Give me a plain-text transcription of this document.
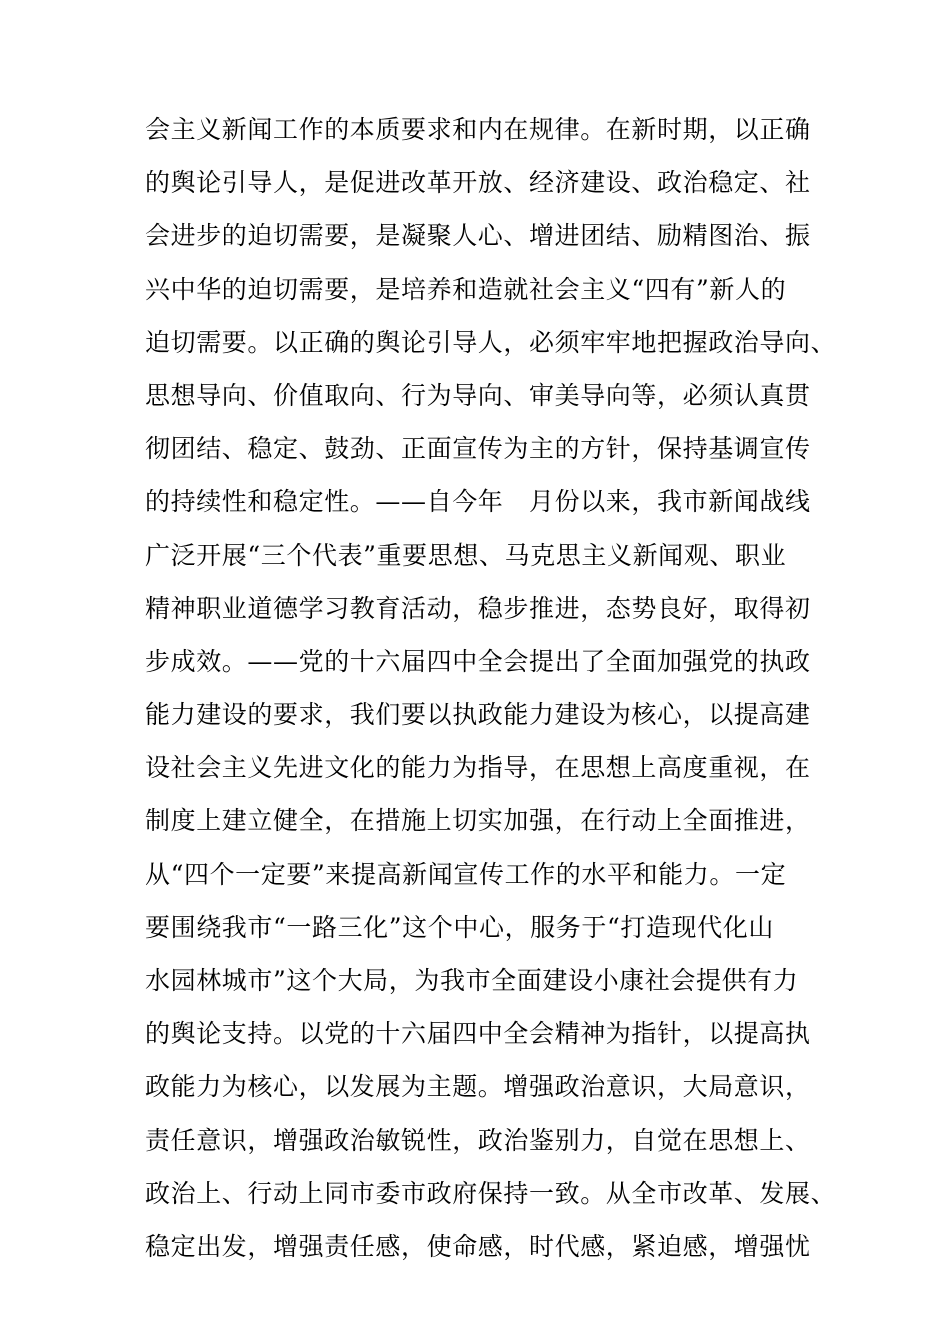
会主义新闻工作的本质要求和内在规律。在新时期，以正确
的舆论引导人，是促进改革开放、经济建设、政治稳定、社
会进步的迫切需要，是凝聚人心、增进团结、励精图治、振
兴中华的迫切需要，是培养和造就社会主义“四有”新人的
迫切需要。以正确的舆论引导人，必须牢牢地把握政治导向、
思想导向、价值取向、行为导向、审美导向等，必须认真贯
彻团结、稳定、鼓劲、正面宣传为主的方针，保持基调宣传
的持续性和稳定性。——自今年　月份以来，我市新闻战线
广泛开展“三个代表”重要思想、马克思主义新闻观、职业
精神职业道德学习教育活动，稳步推进，态势良好，取得初
步成效。——党的十六届四中全会提出了全面加强党的执政
能力建设的要求，我们要以执政能力建设为核心，以提高建
设社会主义先进文化的能力为指导，在思想上高度重视，在
制度上建立健全，在措施上切实加强，在行动上全面推进，
从“四个一定要”来提高新闻宣传工作的水平和能力。一定
要围绕我市“一路三化”这个中心，服务于“打造现代化山
水园林城市”这个大局，为我市全面建设小康社会提供有力
的舆论支持。以党的十六届四中全会精神为指针，以提高执
政能力为核心，以发展为主题。增强政治意识，大局意识，
责任意识，增强政治敏锐性，政治鉴别力，自觉在思想上、
政治上、行动上同市委市政府保持一致。从全市改革、发展、
稳定出发，增强责任感，使命感，时代感，紧迫感，增强忧
